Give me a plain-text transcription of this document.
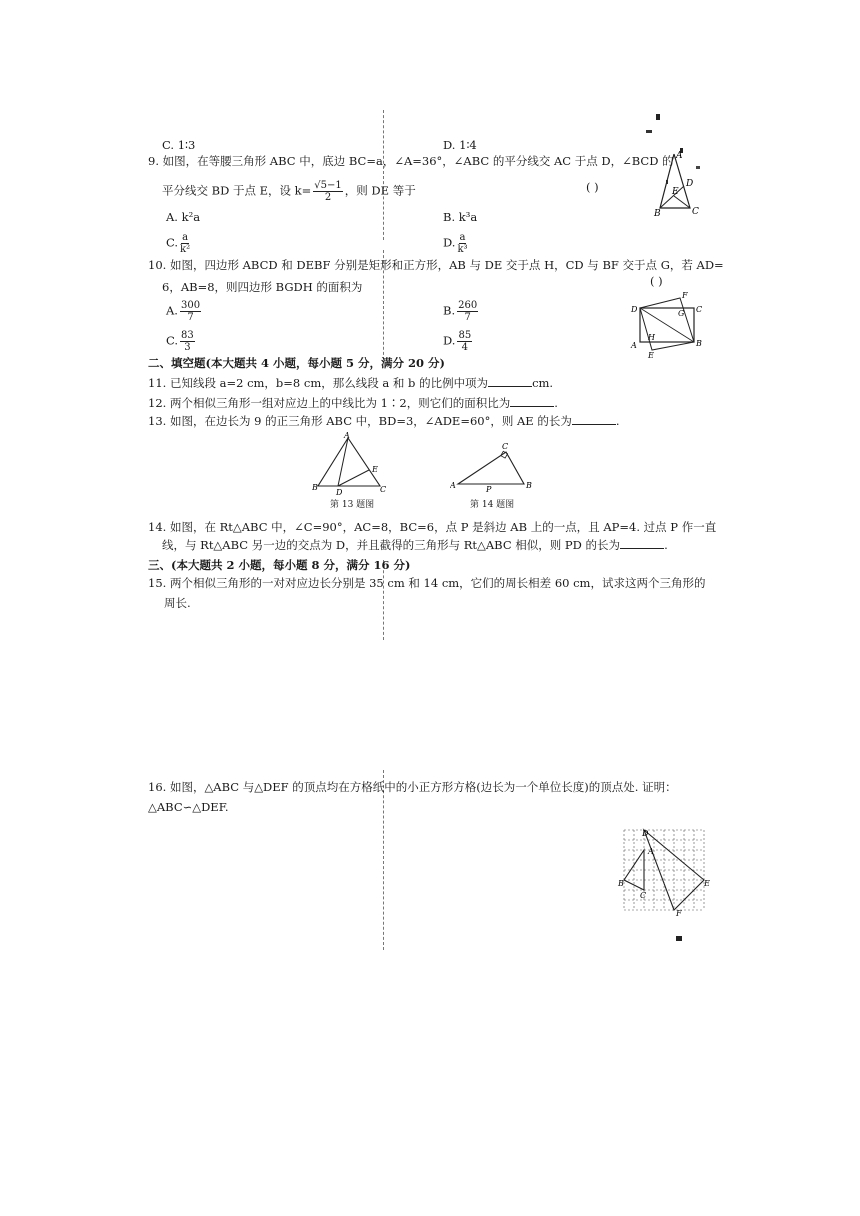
C. 1∶3	D. 1∶4
9. 如图，在等腰三角形 ABC 中，底边 BC=a，∠A=36°，∠ABC 的平分线交 AC 于点 D，∠BCD 的
平分线交 BD 于点 E，设 $k= \frac{√5-1}{2}$ ，则 DE 等于	( )
A. k²a	B. k³a
C. $\frac{a}{\text{k²}}$	D. $\frac{a}{\text{k³}}$
A
D
E
B	C
10. 如图，四边形 ABCD 和 DEBF 分别是矩形和正方形，AB 与 DE 交于点 H，CD 与 BF 交于点 G，若 AD=
( )
6，AB=8，则四边形 BGDH 的面积为
A. $\frac{300}{7}$	B. $\frac{260}{7}$
C. $\frac{83}{3}$	D. $\frac{85}{4}$
F
D	G C
H
A
E
B
二、填空题(本大题共 4 小题，每小题 5 分，满分 20 分)
11. 已知线段 a=2 cm，b=8 cm，那么线段 a 和 b 的比例中项为	cm.
12. 两个相似三角形一组对应边上的中线比为 1∶2，则它们的面积比为	.
13. 如图，在边长为 9 的正三角形 ABC 中，BD=3，∠ADE=60°，则 AE 的长为	.
A
E
B
D	C
第 13 题图
C
A	P	B
第 14 题图
14. 如图，在 Rt△ABC 中，∠C=90°，AC=8，BC=6，点 P 是斜边 AB 上的一点，且 AP=4. 过点 P 作一直
线，与 Rt△ABC 另一边的交点为 D，并且截得的三角形与 Rt△ABC 相似，则 PD 的长为	.
三、(本大题共 2 小题，每小题 8 分，满分 16 分)
15. 两个相似三角形的一对对应边长分别是 35 cm 和 14 cm，它们的周长相差 60 cm，试求这两个三角形的
周长.
16. 如图，△ABC 与△DEF 的顶点均在方格纸中的小正方形方格(边长为一个单位长度)的顶点处. 证明：
△ABC∽△DEF.
D
A
B
C
E
F
